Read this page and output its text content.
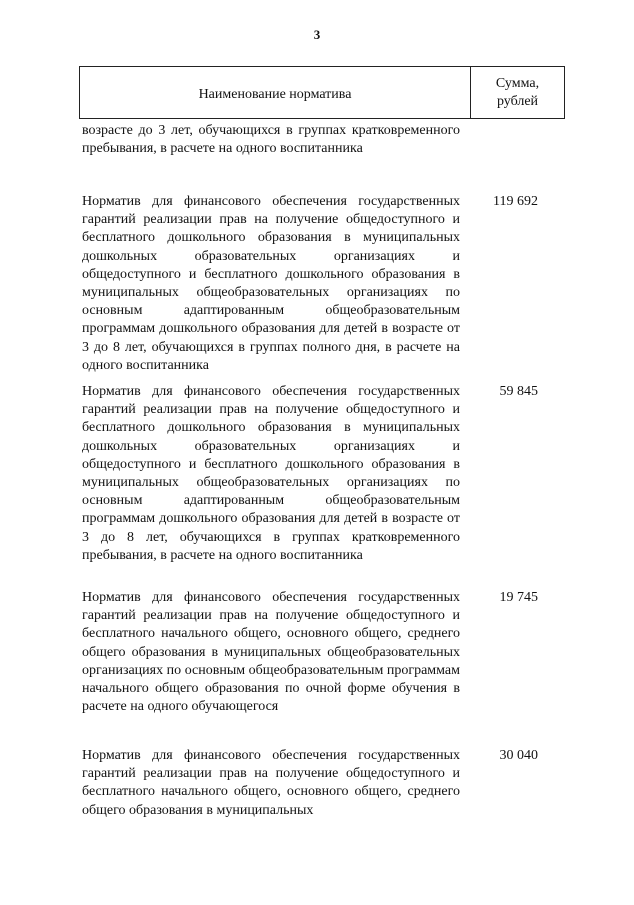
3
Наименование норматива
Сумма,
рублей
возрасте до 3 лет, обучающихся в группах кратковременного пребывания, в расчете на одного воспитанника
Норматив для финансового обеспечения государственных гарантий реализации прав на получение общедоступного и бесплатного дошкольного образования в муниципальных дошкольных образовательных организациях и общедоступного и бесплатного дошкольного образования в муниципальных общеобразовательных организациях по основным адаптированным общеобразовательным программам дошкольного образования для детей в возрасте от 3 до 8 лет, обучающихся в группах полного дня, в расчете на одного воспитанника
119 692
Норматив для финансового обеспечения государственных гарантий реализации прав на получение общедоступного и бесплатного дошкольного образования в муниципальных дошкольных образовательных организациях и общедоступного и бесплатного дошкольного образования в муниципальных общеобразовательных организациях по основным адаптированным общеобразовательным программам дошкольного образования для детей в возрасте от 3 до 8 лет, обучающихся в группах кратковременного пребывания, в расчете на одного воспитанника
59 845
Норматив для финансового обеспечения государственных гарантий реализации прав на получение общедоступного и бесплатного начального общего, основного общего, среднего общего образования в муниципальных общеобразовательных организациях по основным общеобразовательным программам начального общего образования по очной форме обучения в расчете на одного обучающегося
19 745
Норматив для финансового обеспечения государственных гарантий реализации прав на получение общедоступного и бесплатного начального общего, основного общего, среднего общего образования в муниципальных
30 040
